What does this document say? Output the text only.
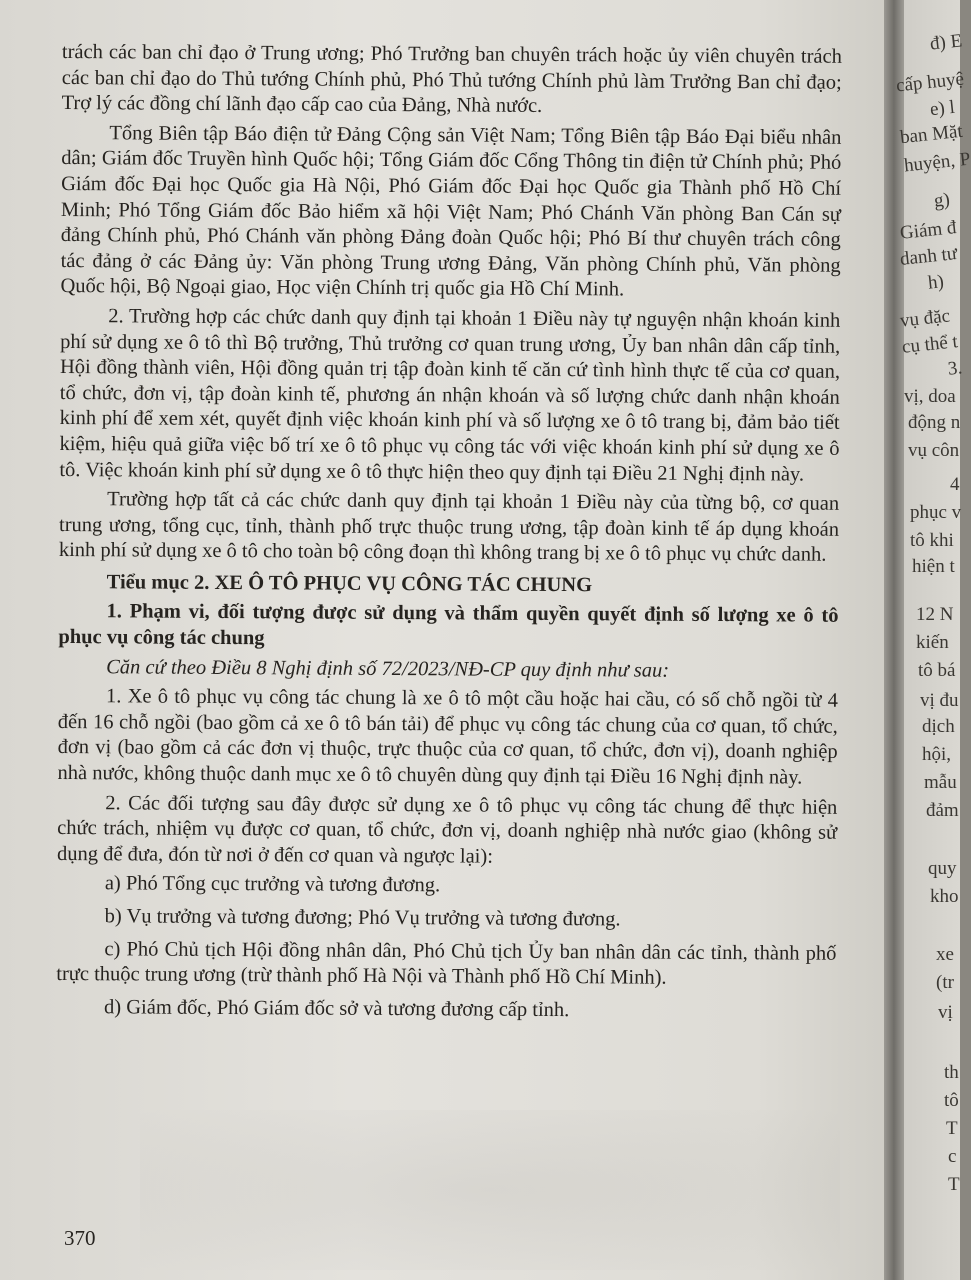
trách các ban chỉ đạo ở Trung ương; Phó Trưởng ban chuyên trách hoặc ủy viên chuyên trách các ban chỉ đạo do Thủ tướng Chính phủ, Phó Thủ tướng Chính phủ làm Trưởng Ban chỉ đạo; Trợ lý các đồng chí lãnh đạo cấp cao của Đảng, Nhà nước.

Tổng Biên tập Báo điện tử Đảng Cộng sản Việt Nam; Tổng Biên tập Báo Đại biểu nhân dân; Giám đốc Truyền hình Quốc hội; Tổng Giám đốc Cổng Thông tin điện tử Chính phủ; Phó Giám đốc Đại học Quốc gia Hà Nội, Phó Giám đốc Đại học Quốc gia Thành phố Hồ Chí Minh; Phó Tổng Giám đốc Bảo hiểm xã hội Việt Nam; Phó Chánh Văn phòng Ban Cán sự đảng Chính phủ, Phó Chánh văn phòng Đảng đoàn Quốc hội; Phó Bí thư chuyên trách công tác đảng ở các Đảng ủy: Văn phòng Trung ương Đảng, Văn phòng Chính phủ, Văn phòng Quốc hội, Bộ Ngoại giao, Học viện Chính trị quốc gia Hồ Chí Minh.

2. Trường hợp các chức danh quy định tại khoản 1 Điều này tự nguyện nhận khoán kinh phí sử dụng xe ô tô thì Bộ trưởng, Thủ trưởng cơ quan trung ương, Ủy ban nhân dân cấp tỉnh, Hội đồng thành viên, Hội đồng quản trị tập đoàn kinh tế căn cứ tình hình thực tế của cơ quan, tổ chức, đơn vị, tập đoàn kinh tế, phương án nhận khoán và số lượng chức danh nhận khoán kinh phí để xem xét, quyết định việc khoán kinh phí và số lượng xe ô tô trang bị, đảm bảo tiết kiệm, hiệu quả giữa việc bố trí xe ô tô phục vụ công tác với việc khoán kinh phí sử dụng xe ô tô. Việc khoán kinh phí sử dụng xe ô tô thực hiện theo quy định tại Điều 21 Nghị định này.

Trường hợp tất cả các chức danh quy định tại khoản 1 Điều này của từng bộ, cơ quan trung ương, tổng cục, tỉnh, thành phố trực thuộc trung ương, tập đoàn kinh tế áp dụng khoán kinh phí sử dụng xe ô tô cho toàn bộ công đoạn thì không trang bị xe ô tô phục vụ chức danh.

Tiểu mục 2. XE Ô TÔ PHỤC VỤ CÔNG TÁC CHUNG

1. Phạm vi, đối tượng được sử dụng và thẩm quyền quyết định số lượng xe ô tô phục vụ công tác chung

Căn cứ theo Điều 8 Nghị định số 72/2023/NĐ-CP quy định như sau:

1. Xe ô tô phục vụ công tác chung là xe ô tô một cầu hoặc hai cầu, có số chỗ ngồi từ 4 đến 16 chỗ ngồi (bao gồm cả xe ô tô bán tải) để phục vụ công tác chung của cơ quan, tổ chức, đơn vị (bao gồm cả các đơn vị thuộc, trực thuộc của cơ quan, tổ chức, đơn vị), doanh nghiệp nhà nước, không thuộc danh mục xe ô tô chuyên dùng quy định tại Điều 16 Nghị định này.

2. Các đối tượng sau đây được sử dụng xe ô tô phục vụ công tác chung để thực hiện chức trách, nhiệm vụ được cơ quan, tổ chức, đơn vị, doanh nghiệp nhà nước giao (không sử dụng để đưa, đón từ nơi ở đến cơ quan và ngược lại):

a) Phó Tổng cục trưởng và tương đương.

b) Vụ trưởng và tương đương; Phó Vụ trưởng và tương đương.

c) Phó Chủ tịch Hội đồng nhân dân, Phó Chủ tịch Ủy ban nhân dân các tỉnh, thành phố trực thuộc trung ương (trừ thành phố Hà Nội và Thành phố Hồ Chí Minh).

d) Giám đốc, Phó Giám đốc sở và tương đương cấp tỉnh.

370
đ) E
cấp huyệ
e) l
ban Mặt
huyện, P
g)
Giám đ
danh tư
h)
vụ đặc
cụ thể t
3.
vị, doa
động n
vụ côn
4
phục v
tô khi
hiện t
12 N
kiến
tô bá
vị đu
dịch
hội,
mẫu
đảm
quy
kho
xe
(tr
vị
th
tô
T
c
T
